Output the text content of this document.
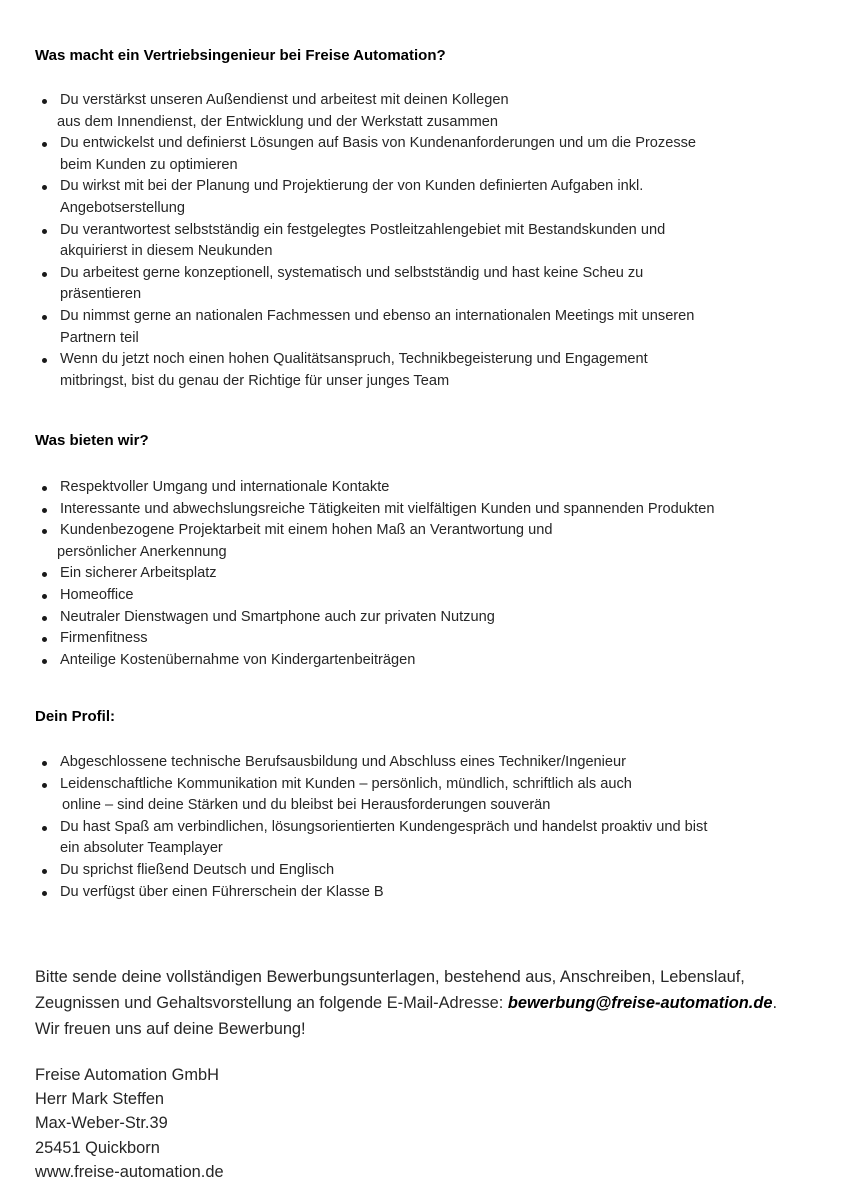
Was macht ein Vertriebsingenieur bei Freise Automation?
Du verstärkst unseren Außendienst und arbeitest mit deinen Kollegen
aus dem Innendienst, der Entwicklung und der Werkstatt zusammen
Du entwickelst und definierst Lösungen auf Basis von Kundenanforderungen und um die Prozesse
beim Kunden zu optimieren
Du wirkst mit bei der Planung und Projektierung der von Kunden definierten Aufgaben inkl.
Angebotserstellung
Du verantwortest selbstständig ein festgelegtes Postleitzahlengebiet mit Bestandskunden und
akquirierst in diesem Neukunden
Du arbeitest gerne konzeptionell, systematisch und selbstständig und hast keine Scheu zu
präsentieren
Du nimmst gerne an nationalen Fachmessen und ebenso an internationalen Meetings mit unseren
Partnern teil
Wenn du jetzt noch einen hohen Qualitätsanspruch, Technikbegeisterung und Engagement
mitbringst, bist du genau der Richtige für unser junges Team
Was bieten wir?
Respektvoller Umgang und internationale Kontakte
Interessante und abwechslungsreiche Tätigkeiten mit vielfältigen Kunden und spannenden Produkten
Kundenbezogene Projektarbeit mit einem hohen Maß an Verantwortung und
persönlicher Anerkennung
Ein sicherer Arbeitsplatz
Homeoffice
Neutraler Dienstwagen und Smartphone auch zur privaten Nutzung
Firmenfitness
Anteilige Kostenübernahme von Kindergartenbeiträgen
Dein Profil:
Abgeschlossene technische Berufsausbildung und Abschluss eines Techniker/Ingenieur
Leidenschaftliche Kommunikation mit Kunden – persönlich, mündlich, schriftlich als auch
online – sind deine Stärken und du bleibst bei Herausforderungen souverän
Du hast Spaß am verbindlichen, lösungsorientierten Kundengespräch und handelst proaktiv und bist
ein absoluter Teamplayer
Du sprichst fließend Deutsch und Englisch
Du verfügst über einen Führerschein der Klasse B

Bitte sende deine vollständigen Bewerbungsunterlagen, bestehend aus, Anschreiben, Lebenslauf,
Zeugnissen und Gehaltsvorstellung an folgende E-Mail-Adresse: bewerbung@freise-automation.de.
Wir freuen uns auf deine Bewerbung!

Freise Automation GmbH
Herr Mark Steffen
Max-Weber-Str.39
25451 Quickborn
www.freise-automation.de
